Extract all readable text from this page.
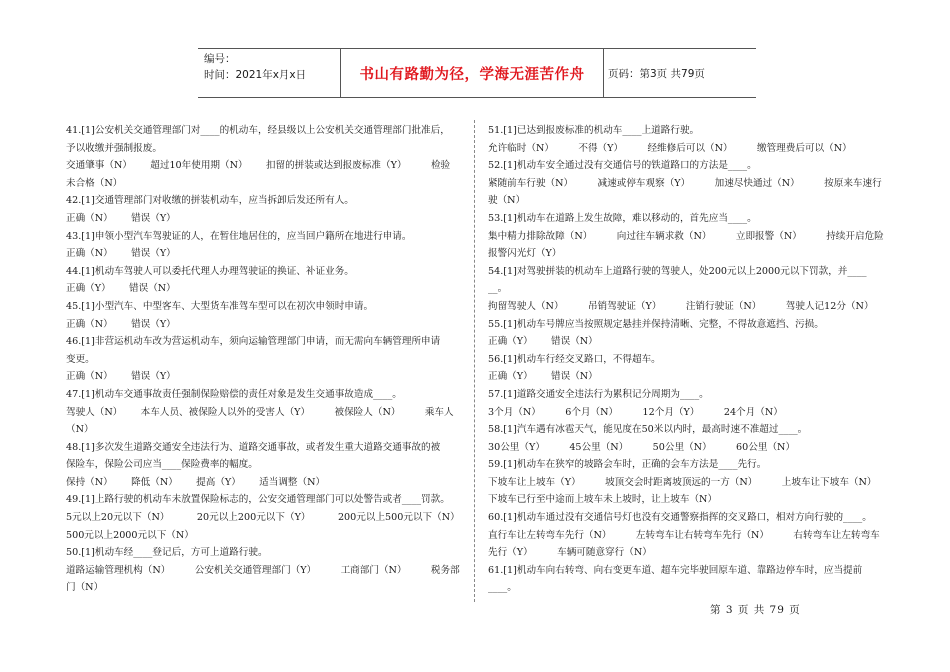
编号：
时间：2021年x月x日	书山有路勤为径，学海无涯苦作舟	页码：第3页 共79页

41.[1]公安机关交通管理部门对____的机动车，经县级以上公安机关交通管理部门批准后，

予以收缴并强制报废。

交通肇事（N）      超过10年使用期（N）      扣留的拼装或达到报废标准（Y）        检验

未合格（N）

42.[1]交通管理部门对收缴的拼装机动车，应当拆卸后发还所有人。

正确（N）      错误（Y）

43.[1]申领小型汽车驾驶证的人，在暂住地居住的，应当回户籍所在地进行申请。

正确（N）      错误（Y）

44.[1]机动车驾驶人可以委托代理人办理驾驶证的换证、补证业务。

正确（Y）      错误（N）

45.[1]小型汽车、中型客车、大型货车准驾车型可以在初次申领时申请。

正确（N）      错误（Y）

46.[1]非营运机动车改为营运机动车，须向运输管理部门申请，而无需向车辆管理所申请

变更。

正确（N）      错误（Y）

47.[1]机动车交通事故责任强制保险赔偿的责任对象是发生交通事故造成____。

驾驶人（N）      本车人员、被保险人以外的受害人（Y）        被保险人（N）        乘车人

（N）

48.[1]多次发生道路交通安全违法行为、道路交通事故，或者发生重大道路交通事故的被

保险车，保险公司应当____保险费率的幅度。

保持（N）      降低（N）      提高（Y）      适当调整（N）

49.[1]上路行驶的机动车未放置保险标志的，公安交通管理部门可以处警告或者____罚款。

5元以上20元以下（N）         20元以上200元以下（Y）         200元以上500元以下（N）

500元以上2000元以下（N）

50.[1]机动车经____登记后，方可上道路行驶。

道路运输管理机构（N）        公安机关交通管理部门（Y）        工商部门（N）        税务部

门（N）

51.[1]已达到报废标准的机动车____上道路行驶。

允许临时（N）        不得（Y）        经维修后可以（N）        缴管理费后可以（N）

52.[1]机动车安全通过没有交通信号的铁道路口的方法是____。

紧随前车行驶（N）        减速或停车观察（Y）        加速尽快通过（N）        按原来车速行

驶（N）

53.[1]机动车在道路上发生故障，难以移动的，首先应当____。

集中精力排除故障（N）        向过往车辆求救（N）        立即报警（N）        持续开启危险

报警闪光灯（Y）

54.[1]对驾驶拼装的机动车上道路行驶的驾驶人，处200元以上2000元以下罚款，并____

__。

拘留驾驶人（N）        吊销驾驶证（Y）        注销行驶证（N）        驾驶人记12分（N）

55.[1]机动车号牌应当按照规定悬挂并保持清晰、完整，不得故意遮挡、污损。

正确（Y）      错误（N）

56.[1]机动车行经交叉路口，不得超车。

正确（Y）      错误（N）

57.[1]道路交通安全违法行为累积记分周期为____。

3个月（N）        6个月（N）        12个月（Y）        24个月（N）

58.[1]汽车遇有冰雹天气，能见度在50米以内时，最高时速不准超过____。

30公里（Y）        45公里（N）        50公里（N）        60公里（N）

59.[1]机动车在狭窄的坡路会车时，正确的会车方法是____先行。

下坡车让上坡车（Y）        坡顶交会时距离坡顶远的一方（N）        上坡车让下坡车（N）

下坡车已行至中途而上坡车未上坡时，让上坡车（N）

60.[1]机动车通过没有交通信号灯也没有交通警察指挥的交叉路口，相对方向行驶的____。

直行车让左转弯车先行（N）        左转弯车让右转弯车先行（N）        右转弯车让左转弯车

先行（Y）        车辆可随意穿行（N）

61.[1]机动车向右转弯、向右变更车道、超车完毕驶回原车道、靠路边停车时，应当提前

____。

第 3 页 共 79 页
